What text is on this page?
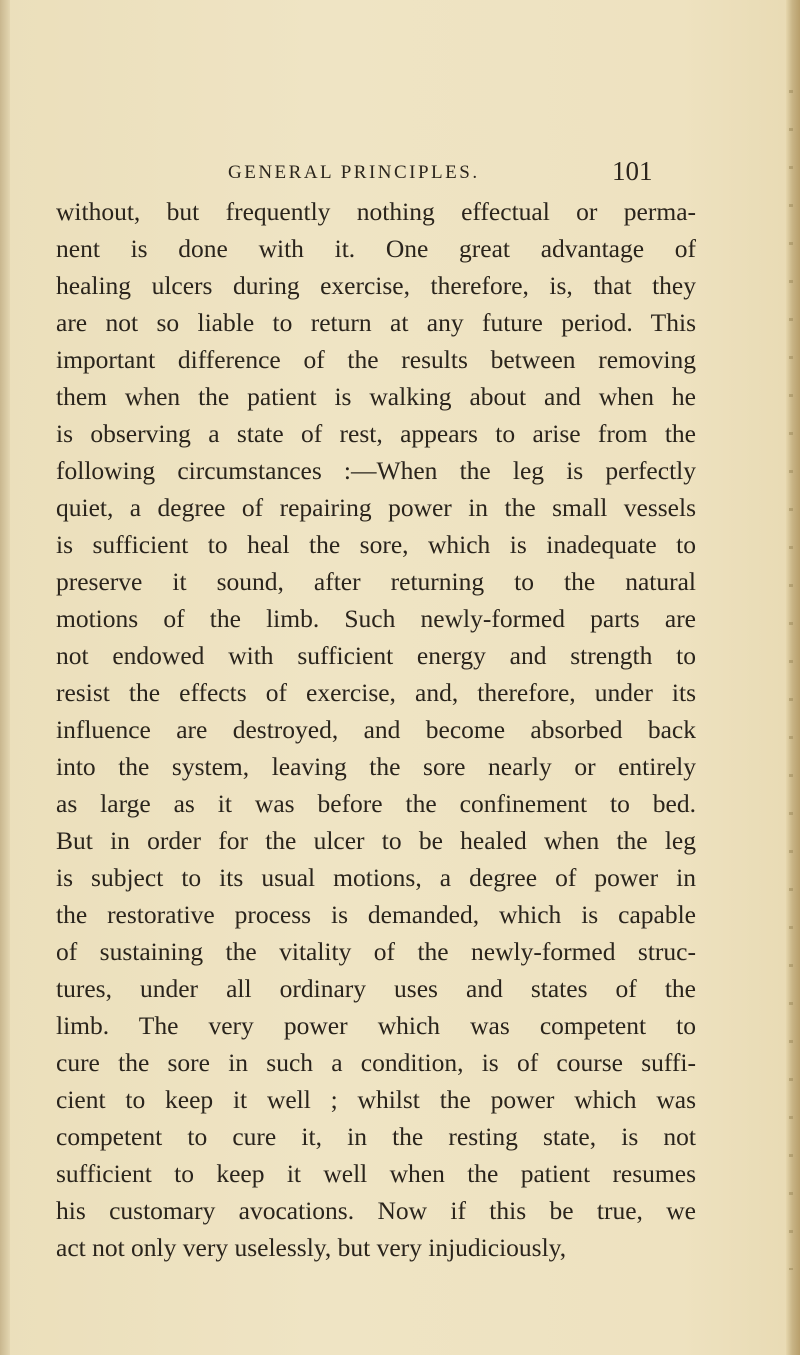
GENERAL PRINCIPLES.	101
without, but frequently nothing effectual or perma-
nent is done with it. One great advantage of
healing ulcers during exercise, therefore, is, that they
are not so liable to return at any future period. This
important difference of the results between removing
them when the patient is walking about and when he
is observing a state of rest, appears to arise from the
following circumstances :—When the leg is perfectly
quiet, a degree of repairing power in the small vessels
is sufficient to heal the sore, which is inadequate to
preserve it sound, after returning to the natural
motions of the limb. Such newly-formed parts are
not endowed with sufficient energy and strength to
resist the effects of exercise, and, therefore, under its
influence are destroyed, and become absorbed back
into the system, leaving the sore nearly or entirely
as large as it was before the confinement to bed.
But in order for the ulcer to be healed when the leg
is subject to its usual motions, a degree of power in
the restorative process is demanded, which is capable
of sustaining the vitality of the newly-formed struc-
tures, under all ordinary uses and states of the
limb. The very power which was competent to
cure the sore in such a condition, is of course suffi-
cient to keep it well ; whilst the power which was
competent to cure it, in the resting state, is not
sufficient to keep it well when the patient resumes
his customary avocations. Now if this be true, we
act not only very uselessly, but very injudiciously,
